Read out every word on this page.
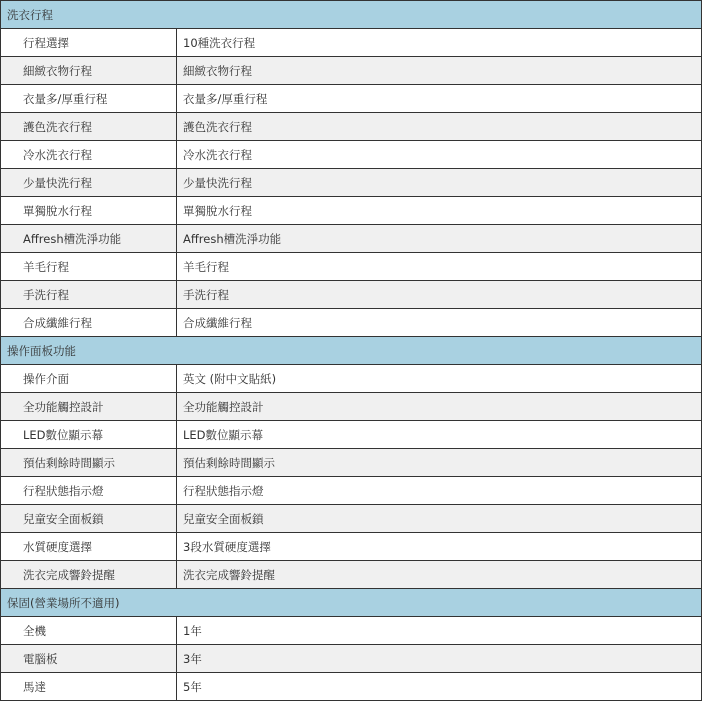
洗衣行程	
行程選擇	10種洗衣行程
細緻衣物行程	細緻衣物行程
衣量多/厚重行程	衣量多/厚重行程
護色洗衣行程	護色洗衣行程
冷水洗衣行程	冷水洗衣行程
少量快洗行程	少量快洗行程
單獨脫水行程	單獨脫水行程
Affresh槽洗淨功能	Affresh槽洗淨功能
羊毛行程	羊毛行程
手洗行程	手洗行程
合成纖維行程	合成纖維行程
操作面板功能	
操作介面	英文 (附中文貼紙)
全功能觸控設計	全功能觸控設計
LED數位顯示幕	LED數位顯示幕
預估剩餘時間顯示	預估剩餘時間顯示
行程狀態指示燈	行程狀態指示燈
兒童安全面板鎖	兒童安全面板鎖
水質硬度選擇	3段水質硬度選擇
洗衣完成響鈴提醒	洗衣完成響鈴提醒
保固(營業場所不適用)	
全機	1年
電腦板	3年
馬達	5年
